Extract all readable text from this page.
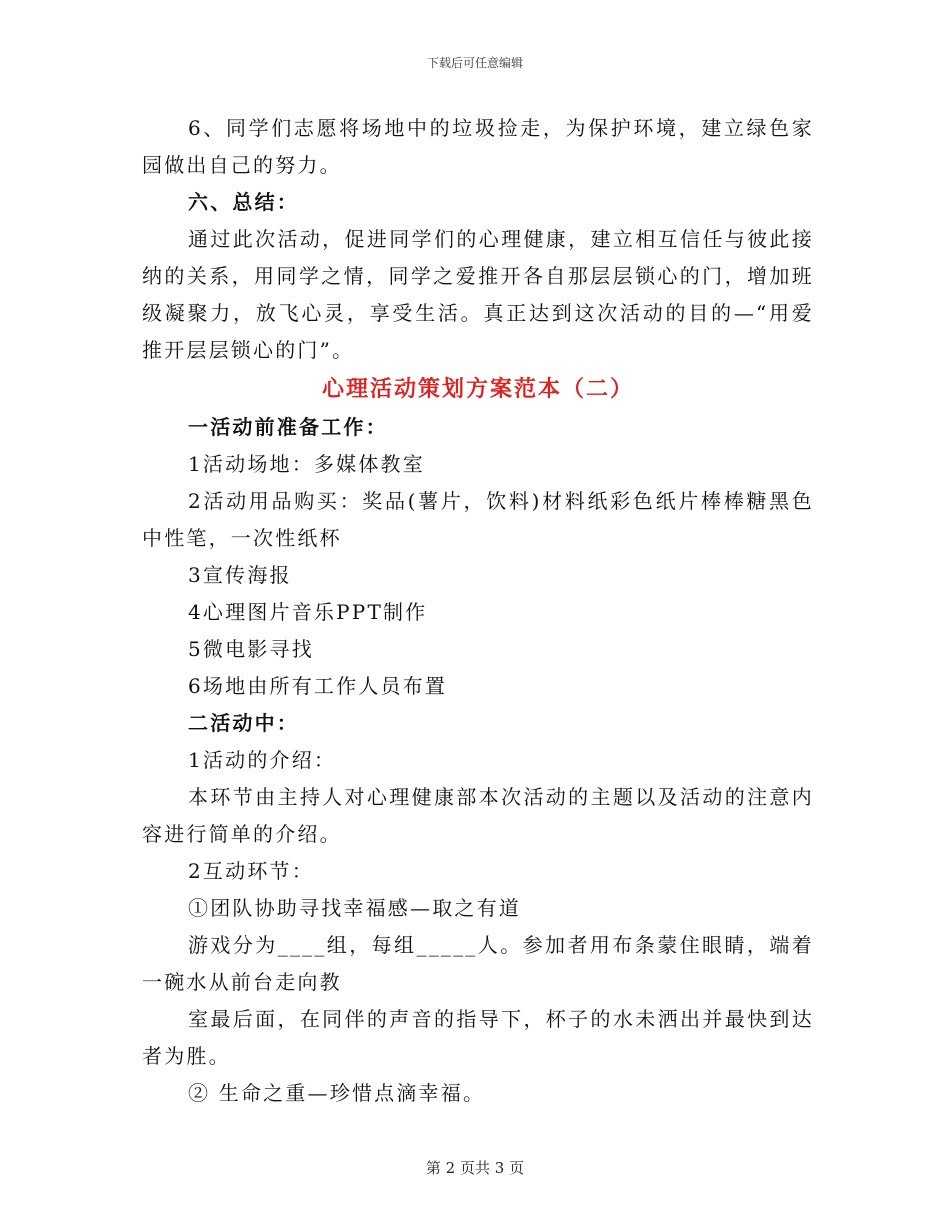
下载后可任意编辑

6、同学们志愿将场地中的垃圾捡走，为保护环境，建立绿色家园做出自己的努力。

六、总结：

通过此次活动，促进同学们的心理健康，建立相互信任与彼此接纳的关系，用同学之情，同学之爱推开各自那层层锁心的门，增加班级凝聚力，放飞心灵，享受生活。真正达到这次活动的目的—“用爱推开层层锁心的门”。

心理活动策划方案范本（二）

一活动前准备工作：

1活动场地：多媒体教室

2活动用品购买：奖品(薯片，饮料)材料纸彩色纸片棒棒糖黑色中性笔，一次性纸杯

3宣传海报

4心理图片音乐PPT制作

5微电影寻找

6场地由所有工作人员布置

二活动中：

1活动的介绍：

本环节由主持人对心理健康部本次活动的主题以及活动的注意内容进行简单的介绍。

2互动环节：

①团队协助寻找幸福感—取之有道

游戏分为____组，每组_____人。参加者用布条蒙住眼睛，端着一碗水从前台走向教

室最后面，在同伴的声音的指导下，杯子的水未洒出并最快到达者为胜。

② 生命之重—珍惜点滴幸福。

第 2 页共 3 页
